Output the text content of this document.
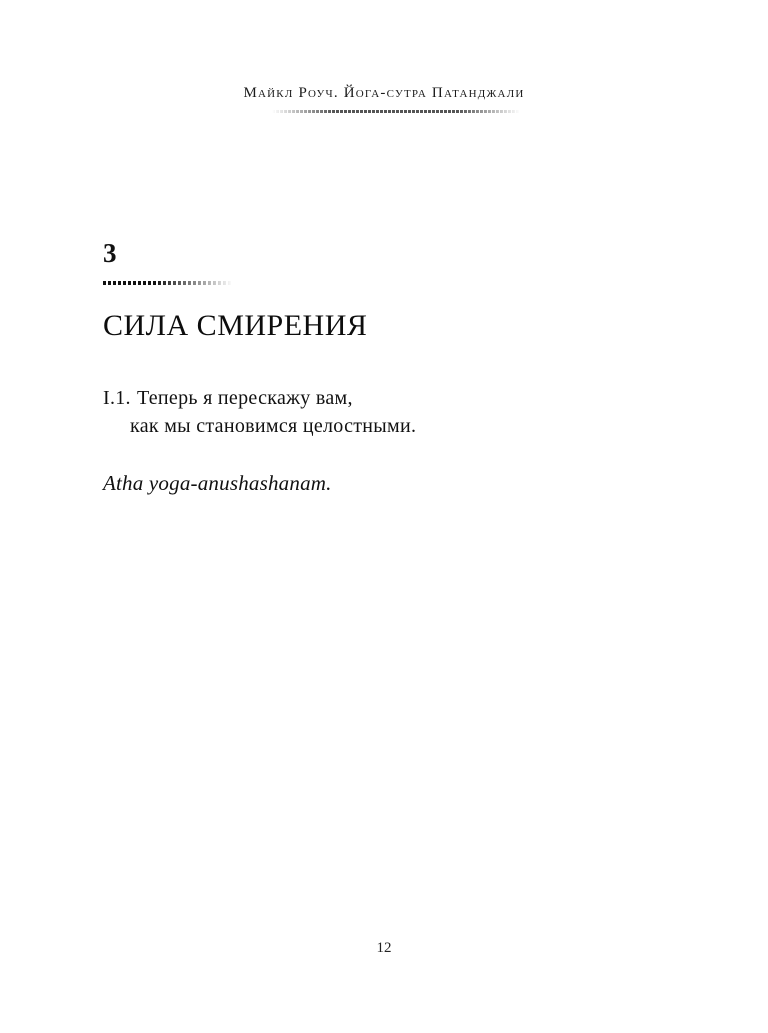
Майкл Роуч. Йога-сутра Патанджали
3
СИЛА СМИРЕНИЯ
I.1. Теперь я перескажу вам,
как мы становимся целостными.
Atha yoga-anushashanam.
12
